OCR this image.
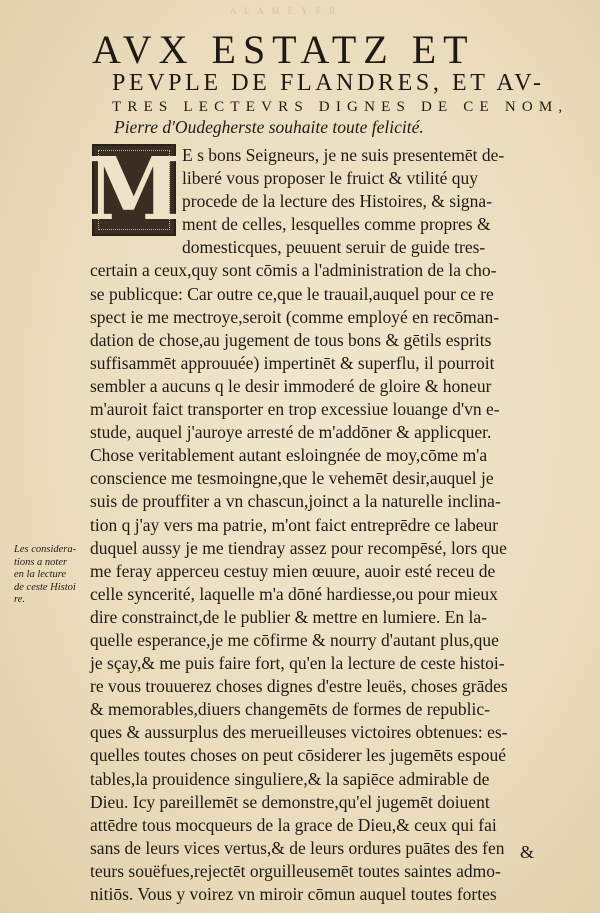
A L A M E Y E R
AVX ESTATZ ET
PEVPLE DE FLANDRES, ET AV-
TRES LECTEVRS DIGNES DE CE NOM,
Pierre d'Oudegherste souhaite toute felicité.
M E s bons Seigneurs, je ne suis presentemēt de-
liberé vous proposer le fruict & vtilité quy
procede de la lecture des Histoires, & signa-
ment de celles, lesquelles comme propres &
domesticques, peuuent seruir de guide tres-
certain a ceux,quy sont cōmis a l'administration de la cho-
se publicque: Car outre ce,que le trauail,auquel pour ce re
spect ie me mectroye,seroit (comme employé en recōman-
dation de chose,au jugement de tous bons & gētils esprits
suffisammēt approuuée) impertinēt & superflu, il pourroit
sembler a aucuns q le desir immoderé de gloire & honeur
m'auroit faict transporter en trop excessiue louange d'vn e-
stude, auquel j'auroye arresté de m'addōner & applicquer.
Chose veritablement autant esloingnée de moy,cōme m'a
conscience me tesmoingne,que le vehemēt desir,auquel je
suis de prouffiter a vn chascun,joinct a la naturelle inclina-
tion q j'ay vers ma patrie, m'ont faict entreprēdre ce labeur
duquel aussy je me tiendray assez pour recompēsé, lors que
me feray apperceu cestuy mien œuure, auoir esté receu de
celle syncerité, laquelle m'a dōné hardiesse,ou pour mieux
dire constrainct,de le publier & mettre en lumiere. En la-
quelle esperance,je me cōfirme & nourry d'autant plus,que
je sçay,& me puis faire fort, qu'en la lecture de ceste histoi-
re vous trouuerez choses dignes d'estre leuës, choses grādes
& memorables,diuers changemēts de formes de republic-
ques & aussurplus des merueilleuses victoires obtenues: es-
quelles toutes choses on peut cōsiderer les jugemēts espoué
tables,la prouidence singuliere,& la sapiēce admirable de
Dieu. Icy pareillemēt se demonstre,qu'el jugemēt doiuent
attēdre tous mocqueurs de la grace de Dieu,& ceux qui fai
sans de leurs vices vertus,& de leurs ordures puātes des fen
teurs souëfues,rejectēt orguilleusemēt toutes saintes admo-
nitiōs. Vous y voirez vn miroir cōmun auquel toutes fortes
Les considera-
tions a noter
en la lecture
de ceste Histoi
re.
&
